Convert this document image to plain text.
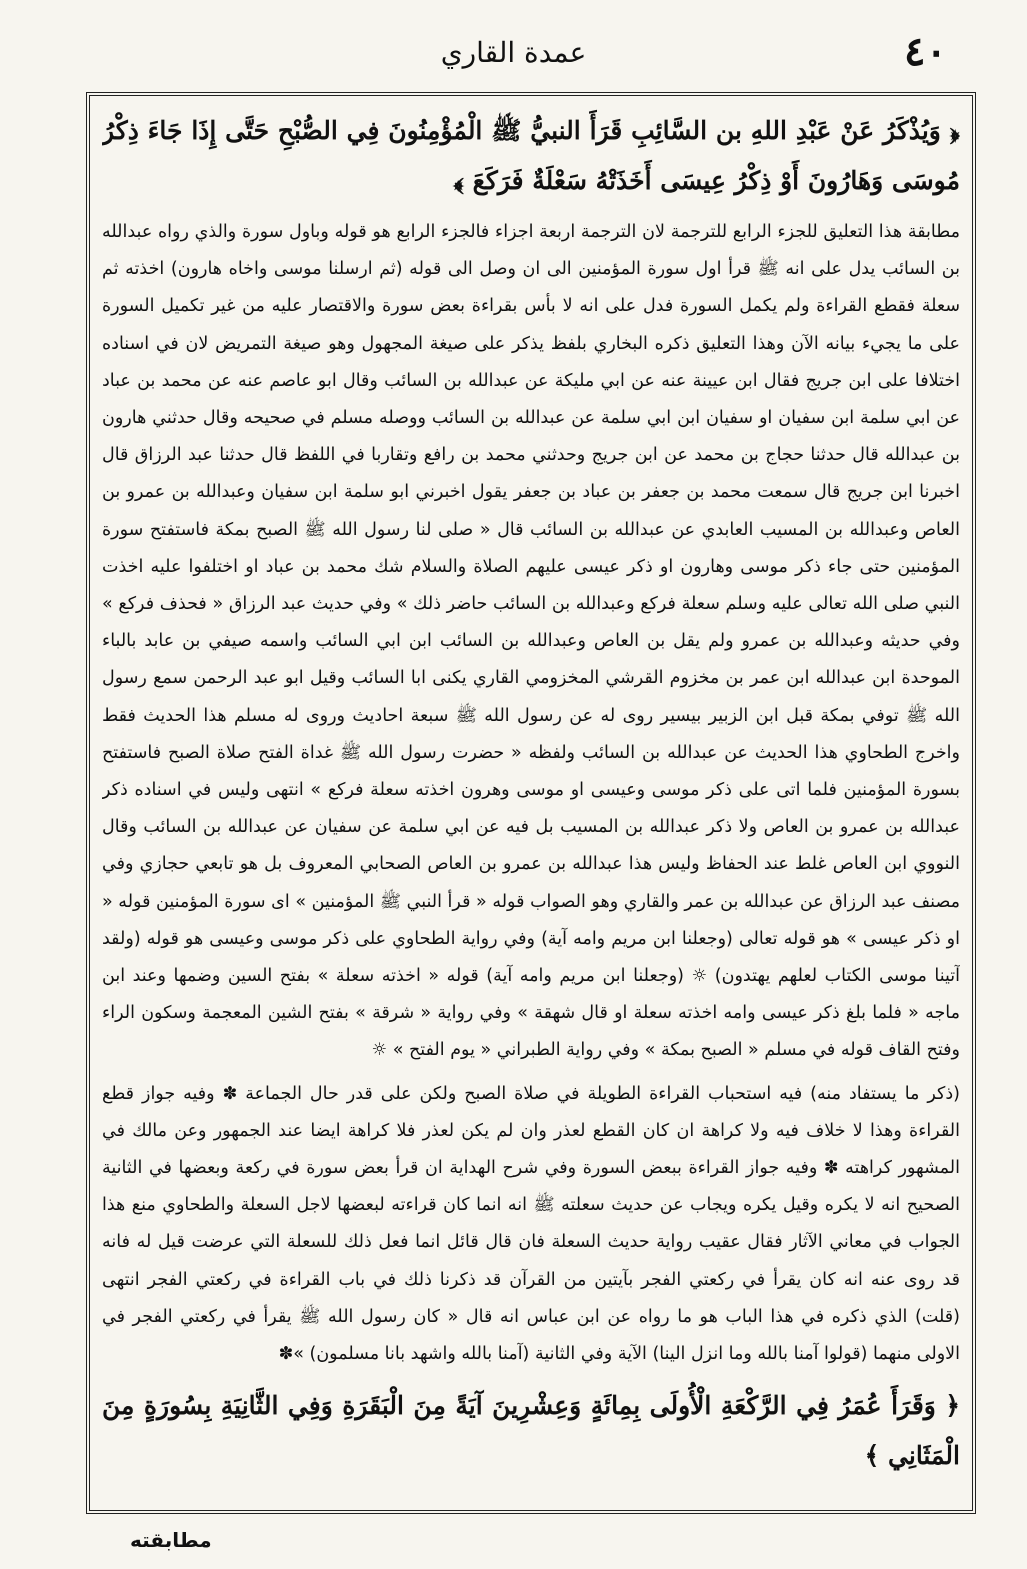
عمدة القاري	٤٠

﴿ وَيُذْكَرُ عَنْ عَبْدِ اللهِ بن السَّائِبِ قَرَأَ النبيُّ ﷺ الْمُؤْمِنُونَ فِي الصُّبْحِ حَتَّى إِذَا جَاءَ ذِكْرُ مُوسَى وَهَارُونَ أَوْ ذِكْرُ عِيسَى أَخَذَتْهُ سَعْلَةٌ فَرَكَعَ ﴾

مطابقة هذا التعليق للجزء الرابع للترجمة لان الترجمة اربعة اجزاء فالجزء الرابع هو قوله وباول سورة والذي رواه عبدالله بن السائب يدل على انه ﷺ قرأ اول سورة المؤمنين الى ان وصل الى قوله (ثم ارسلنا موسى واخاه هارون) اخذته ثم سعلة فقطع القراءة ولم يكمل السورة فدل على انه لا بأس بقراءة بعض سورة والاقتصار عليه من غير تكميل السورة على ما يجيء بيانه الآن وهذا التعليق ذكره البخاري بلفظ يذكر على صيغة المجهول وهو صيغة التمريض لان في اسناده اختلافا على ابن جريج فقال ابن عيينة عنه عن ابي مليكة عن عبدالله بن السائب وقال ابو عاصم عنه عن محمد بن عباد عن ابي سلمة ابن سفيان او سفيان ابن ابي سلمة عن عبدالله بن السائب ووصله مسلم في صحيحه وقال حدثني هارون بن عبدالله قال حدثنا حجاج بن محمد عن ابن جريج وحدثني محمد بن رافع وتقاربا في اللفظ قال حدثنا عبد الرزاق قال اخبرنا ابن جريج قال سمعت محمد بن جعفر بن عباد بن جعفر يقول اخبرني ابو سلمة ابن سفيان وعبدالله بن عمرو بن العاص وعبدالله بن المسيب العابدي عن عبدالله بن السائب قال « صلى لنا رسول الله ﷺ الصبح بمكة فاستفتح سورة المؤمنين حتى جاء ذكر موسى وهارون او ذكر عيسى عليهم الصلاة والسلام شك محمد بن عباد او اختلفوا عليه اخذت النبي صلى الله تعالى عليه وسلم سعلة فركع وعبدالله بن السائب حاضر ذلك » وفي حديث عبد الرزاق « فحذف فركع » وفي حديثه وعبدالله بن عمرو ولم يقل بن العاص وعبدالله بن السائب ابن ابي السائب واسمه صيفي بن عابد بالباء الموحدة ابن عبدالله ابن عمر بن مخزوم القرشي المخزومي القاري يكنى ابا السائب وقيل ابو عبد الرحمن سمع رسول الله ﷺ توفي بمكة قبل ابن الزبير بيسير روى له عن رسول الله ﷺ سبعة احاديث وروى له مسلم هذا الحديث فقط واخرج الطحاوي هذا الحديث عن عبدالله بن السائب ولفظه « حضرت رسول الله ﷺ غداة الفتح صلاة الصبح فاستفتح بسورة المؤمنين فلما اتى على ذكر موسى وعيسى او موسى وهرون اخذته سعلة فركع » انتهى وليس في اسناده ذكر عبدالله بن عمرو بن العاص ولا ذكر عبدالله بن المسيب بل فيه عن ابي سلمة عن سفيان عن عبدالله بن السائب وقال النووي ابن العاص غلط عند الحفاظ وليس هذا عبدالله بن عمرو بن العاص الصحابي المعروف بل هو تابعي حجازي وفي مصنف عبد الرزاق عن عبدالله بن عمر والقاري وهو الصواب قوله « قرأ النبي ﷺ المؤمنين » اى سورة المؤمنين قوله « او ذكر عيسى » هو قوله تعالى (وجعلنا ابن مريم وامه آية) وفي رواية الطحاوي على ذكر موسى وعيسى هو قوله (ولقد آتينا موسى الكتاب لعلهم يهتدون) ☼ (وجعلنا ابن مريم وامه آية) قوله « اخذته سعلة » بفتح السين وضمها وعند ابن ماجه « فلما بلغ ذكر عيسى وامه اخذته سعلة او قال شهقة » وفي رواية « شرقة » بفتح الشين المعجمة وسكون الراء وفتح القاف قوله في مسلم « الصبح بمكة » وفي رواية الطبراني « يوم الفتح » ☼

(ذكر ما يستفاد منه) فيه استحباب القراءة الطويلة في صلاة الصبح ولكن على قدر حال الجماعة ✽ وفيه جواز قطع القراءة وهذا لا خلاف فيه ولا كراهة ان كان القطع لعذر وان لم يكن لعذر فلا كراهة ايضا عند الجمهور وعن مالك في المشهور كراهته ✽ وفيه جواز القراءة ببعض السورة وفي شرح الهداية ان قرأ بعض سورة في ركعة وبعضها في الثانية الصحيح انه لا يكره وقيل يكره ويجاب عن حديث سعلته ﷺ انه انما كان قراءته لبعضها لاجل السعلة والطحاوي منع هذا الجواب في معاني الآثار فقال عقيب رواية حديث السعلة فان قال قائل انما فعل ذلك للسعلة التي عرضت قيل له فانه قد روى عنه انه كان يقرأ في ركعتي الفجر بآيتين من القرآن قد ذكرنا ذلك في باب القراءة في ركعتي الفجر انتهى (قلت) الذي ذكره في هذا الباب هو ما رواه عن ابن عباس انه قال « كان رسول الله ﷺ يقرأ في ركعتي الفجر في الاولى منهما (قولوا آمنا بالله وما انزل الينا) الآية وفي الثانية (آمنا بالله واشهد بانا مسلمون) »✽

﴿ وَقَرَأَ عُمَرُ فِي الرَّكْعَةِ الْأُولَى بِمِائَةٍ وَعِشْرِينَ آيَةً مِنَ الْبَقَرَةِ وَفِي الثَّانِيَةِ بِسُورَةٍ مِنَ الْمَثَانِي ﴾

مطابقته
